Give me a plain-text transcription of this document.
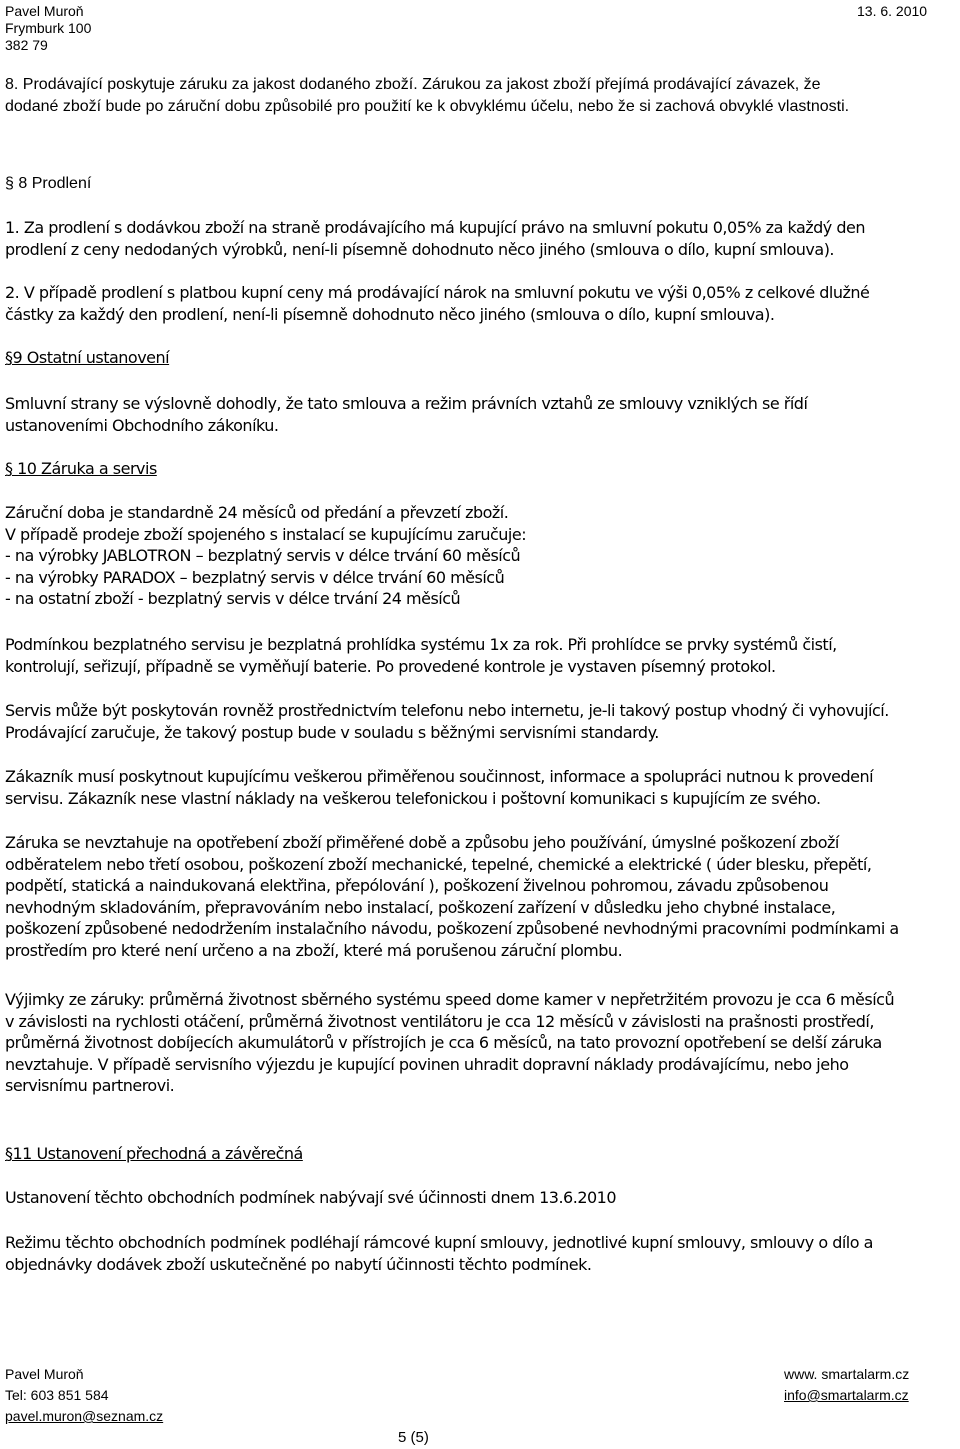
Pavel Muroň
Frymburk 100
382 79
13. 6. 2010
8. Prodávající poskytuje záruku za jakost dodaného zboží. Zárukou za jakost zboží přejímá prodávající závazek, že
dodané zboží bude po záruční dobu způsobilé pro použití ke k obvyklému účelu, nebo že si zachová obvyklé vlastnosti.
§ 8 Prodlení
1. Za prodlení s dodávkou zboží na straně prodávajícího má kupující právo na smluvní pokutu 0,05% za každý den
prodlení z ceny nedodaných výrobků, není-li písemně dohodnuto něco jiného (smlouva o dílo, kupní smlouva).
2. V případě prodlení s platbou kupní ceny má prodávající nárok na smluvní pokutu ve výši 0,05% z celkové dlužné
částky za každý den prodlení, není-li písemně dohodnuto něco jiného (smlouva o dílo, kupní smlouva).
§9 Ostatní ustanovení
Smluvní strany se výslovně dohodly, že tato smlouva a režim právních vztahů ze smlouvy vzniklých se řídí
ustanoveními Obchodního zákoníku.
§ 10 Záruka a servis
Záruční doba je standardně 24 měsíců od předání a převzetí zboží.
V případě prodeje zboží spojeného s instalací se kupujícímu zaručuje:
- na výrobky JABLOTRON – bezplatný servis v délce trvání 60 měsíců
- na výrobky PARADOX – bezplatný servis v délce trvání 60 měsíců
- na ostatní zboží - bezplatný servis v délce trvání 24 měsíců
Podmínkou bezplatného servisu je bezplatná prohlídka systému 1x za rok. Při prohlídce se prvky systémů čistí,
kontrolují, seřizují, případně se vyměňují baterie. Po provedené kontrole je vystaven písemný protokol.
Servis může být poskytován rovněž prostřednictvím telefonu nebo internetu, je-li takový postup vhodný či vyhovující.
Prodávající zaručuje, že takový postup bude v souladu s běžnými servisními standardy.
Zákazník musí poskytnout kupujícímu veškerou přiměřenou součinnost, informace a spolupráci nutnou k provedení
servisu. Zákazník nese vlastní náklady na veškerou telefonickou i poštovní komunikaci s kupujícím ze svého.
Záruka se nevztahuje na opotřebení zboží přiměřené době a způsobu jeho používání, úmyslné poškození zboží
odběratelem nebo třetí osobou, poškození zboží mechanické, tepelné, chemické a elektrické ( úder blesku, přepětí,
podpětí, statická a naindukovaná elektřina, přepólování ), poškození živelnou pohromou, závadu způsobenou
nevhodným skladováním, přepravováním nebo instalací, poškození zařízení v důsledku jeho chybné instalace,
poškození způsobené nedodržením instalačního návodu, poškození způsobené nevhodnými pracovními podmínkami a
prostředím pro které není určeno a na zboží, které má porušenou záruční plombu.
Výjimky ze záruky: průměrná životnost sběrného systému speed dome kamer v nepřetržitém provozu je cca 6 měsíců
v závislosti na rychlosti otáčení, průměrná životnost ventilátoru je cca 12 měsíců v závislosti na prašnosti prostředí,
průměrná životnost dobíjecích akumulátorů v přístrojích je cca 6 měsíců, na tato provozní opotřebení se delší záruka
nevztahuje. V případě servisního výjezdu je kupující povinen uhradit dopravní náklady prodávajícímu, nebo jeho
servisnímu partnerovi.
§11 Ustanovení přechodná a závěrečná
Ustanovení těchto obchodních podmínek nabývají své účinnosti dnem 13.6.2010
Režimu těchto obchodních podmínek podléhají rámcové kupní smlouvy, jednotlivé kupní smlouvy, smlouvy o dílo a
objednávky dodávek zboží uskutečněné po nabytí účinnosti těchto podmínek.
Pavel Muroň
Tel: 603 851 584
pavel.muron@seznam.cz
www. smartalarm.cz
info@smartalarm.cz
5 (5)
